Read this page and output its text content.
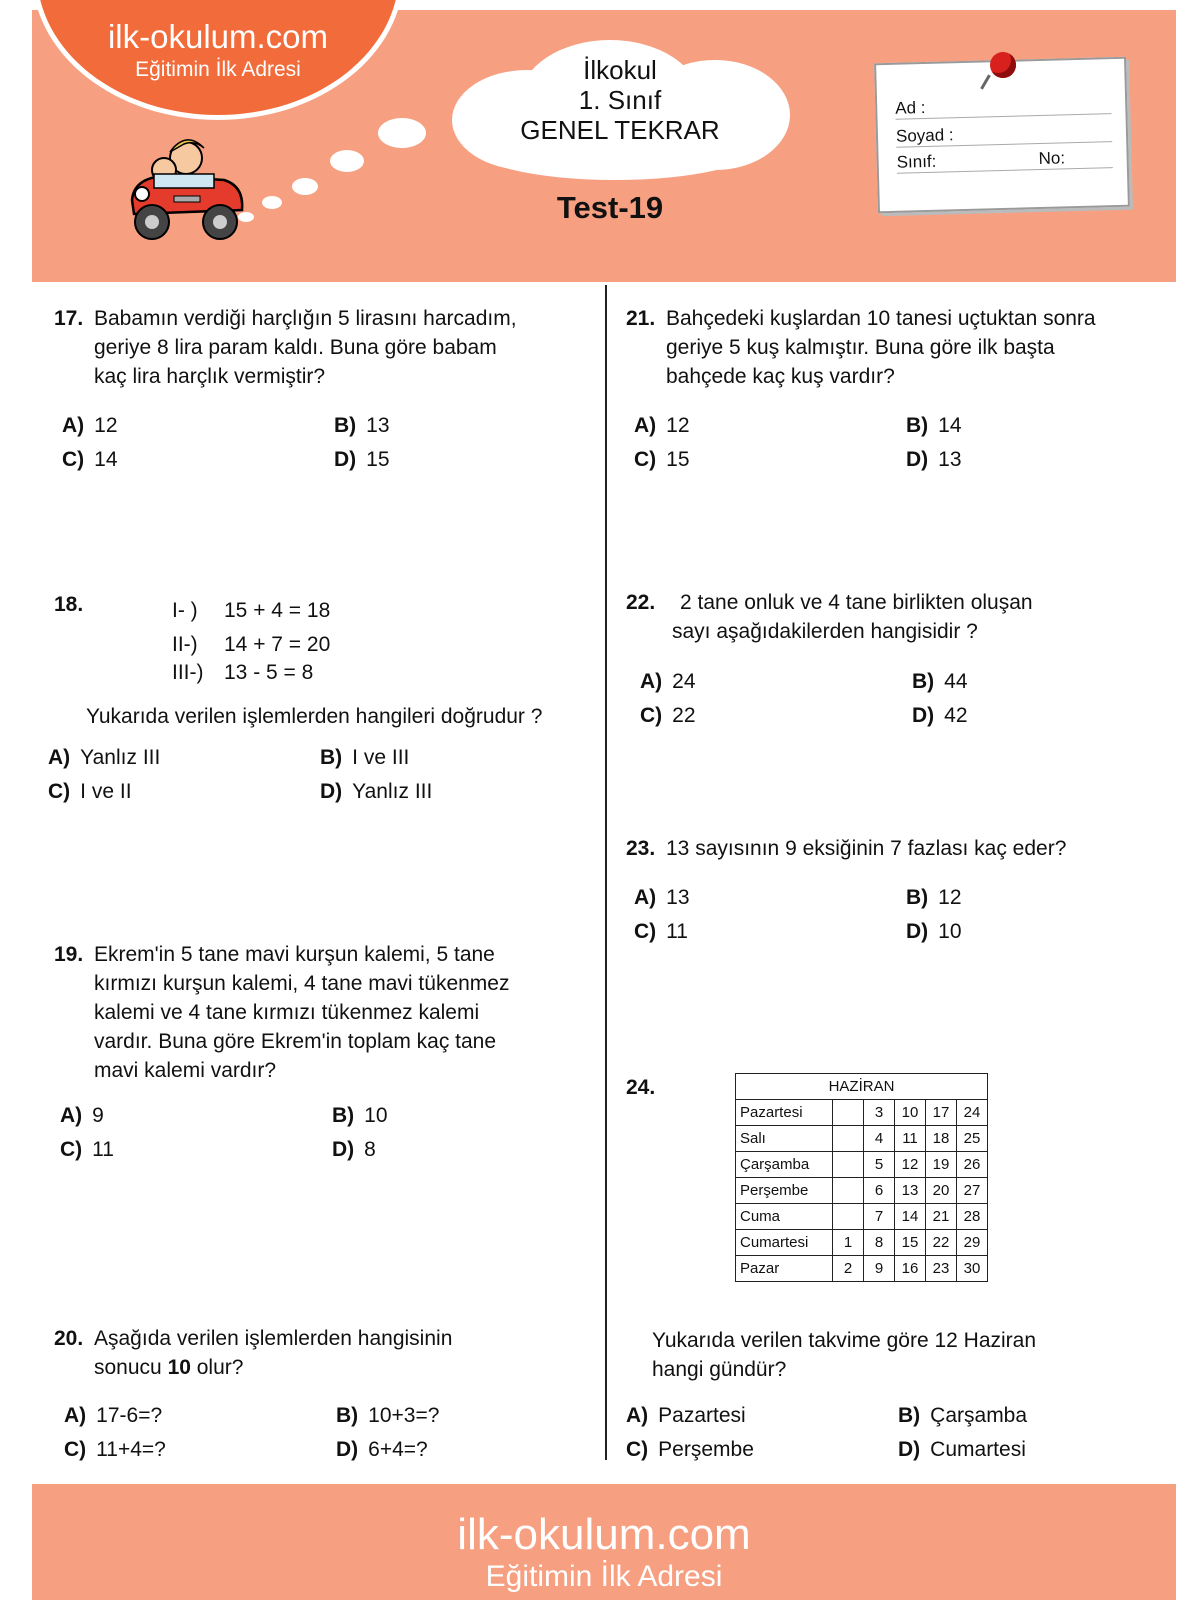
ilk-okulum.com
Eğitimin İlk Adresi	İlkokul
1. Sınıf
GENEL TEKRAR
Test-19
Ad :
Soyad :
Sınıf:	No:
17. Babamın verdiği harçlığın 5 lirasını harcadım,
geriye 8 lira param kaldı. Buna göre babam
kaç lira harçlık vermiştir?
A) 12	B) 13
C) 14	D) 15
18.	I- ) 15 + 4 = 18
II-) 14 + 7 = 20
III-) 13 - 5 = 8
Yukarıda verilen işlemlerden hangileri doğrudur ?
A) Yanlız III	B) I ve III
C) I ve II	D) Yanlız III
19. Ekrem'in 5 tane mavi kurşun kalemi, 5 tane
kırmızı kurşun kalemi, 4 tane mavi tükenmez
kalemi ve 4 tane kırmızı tükenmez kalemi
vardır. Buna göre Ekrem'in toplam kaç tane
mavi kalemi vardır?
A) 9	B) 10
C) 11	D) 8
20. Aşağıda verilen işlemlerden hangisinin
sonucu 10 olur?
A) 17-6=?	B) 10+3=?
C) 11+4=?	D) 6+4=?
21. Bahçedeki kuşlardan 10 tanesi uçtuktan sonra
geriye 5 kuş kalmıştır. Buna göre ilk başta
bahçede kaç kuş vardır?
A) 12	B) 14
C) 15	D) 13
22.	2 tane onluk ve 4 tane birlikten oluşan
sayı aşağıdakilerden hangisidir ?
A) 24	B) 44
C) 22	D) 42
23. 13 sayısının 9 eksiğinin 7 fazlası kaç eder?
A) 13	B) 12
C) 11	D) 10
24.	HAZİRAN					
Pazartesi		3	10	17	24
Salı		4	11	18	25
Çarşamba		5	12	19	26
Perşembe		6	13	20	27
Cuma		7	14	21	28
Cumartesi	1	8	15	22	29
Pazar	2	9	16	23	30
Yukarıda verilen takvime göre 12 Haziran
hangi gündür?
A) Pazartesi	B) Çarşamba
C) Perşembe	D) Cumartesi
ilk-okulum.com
Eğitimin İlk Adresi
